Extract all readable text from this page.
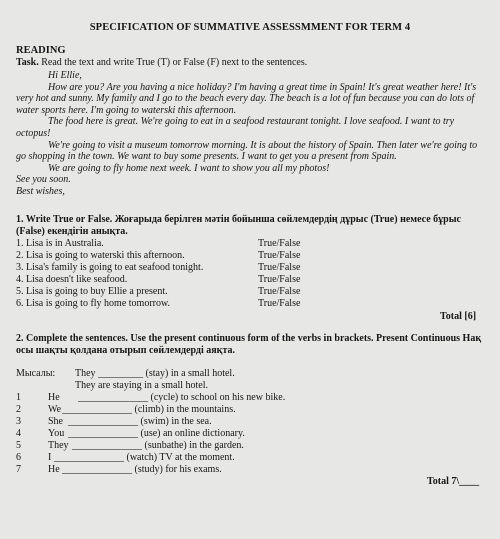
SPECIFICATION OF SUMMATIVE ASSESSMMENT FOR TERM 4
READING
Task. Read the text and write True (T) or False (F) next to the sentences.
Hi Ellie,
How are you? Are you having a nice holiday? I'm having a great time in Spain! It's great weather here! It's very hot and sunny. My family and I go to the beach every day. The beach is a lot of fun because you can do lots of water sports here. I'm going to waterski this afternoon.
The food here is great. We're going to eat in a seafood restaurant tonight. I love seafood. I want to try octopus!
We're going to visit a museum tomorrow morning. It is about the history of Spain. Then later we're going to go shopping in the town. We want to buy some presents. I want to get you a present from Spain.
We are going to fly home next week. I want to show you all my photos!
See you soon.
Best wishes,
1. Write True or False. Жоғарыда берілген мәтін бойынша сөйлемдердің дұрыс (True) немесе бұрыс (False) екендігін анықта.
1. Lisa is in Australia.	True/False
2. Lisa is going to waterski this afternoon.	True/False
3. Lisa's family is going to eat seafood tonight.	True/False
4. Lisa doesn't like seafood.	True/False
5. Lisa is going to buy Ellie a present.	True/False
6. Lisa is going to fly home tomorrow.	True/False
Total [6]
2. Complete the sentences. Use the present continuous form of the verbs in brackets. Present Continuous Нақ осы шақты қолдана отырып сөйлемдерді аяқта.
Мысалы: They _________ (stay) in a small hotel.
They are staying in a small hotel.
1	He ______________ (cycle) to school on his new bike.
2	We ______________ (climb) in the mountains.
3	She ______________ (swim) in the sea.
4	You ______________ (use) an online dictionary.
5	They ______________ (sunbathe) in the garden.
6	I ______________ (watch) TV at the moment.
7	He ______________ (study) for his exams.
Total 7\____
